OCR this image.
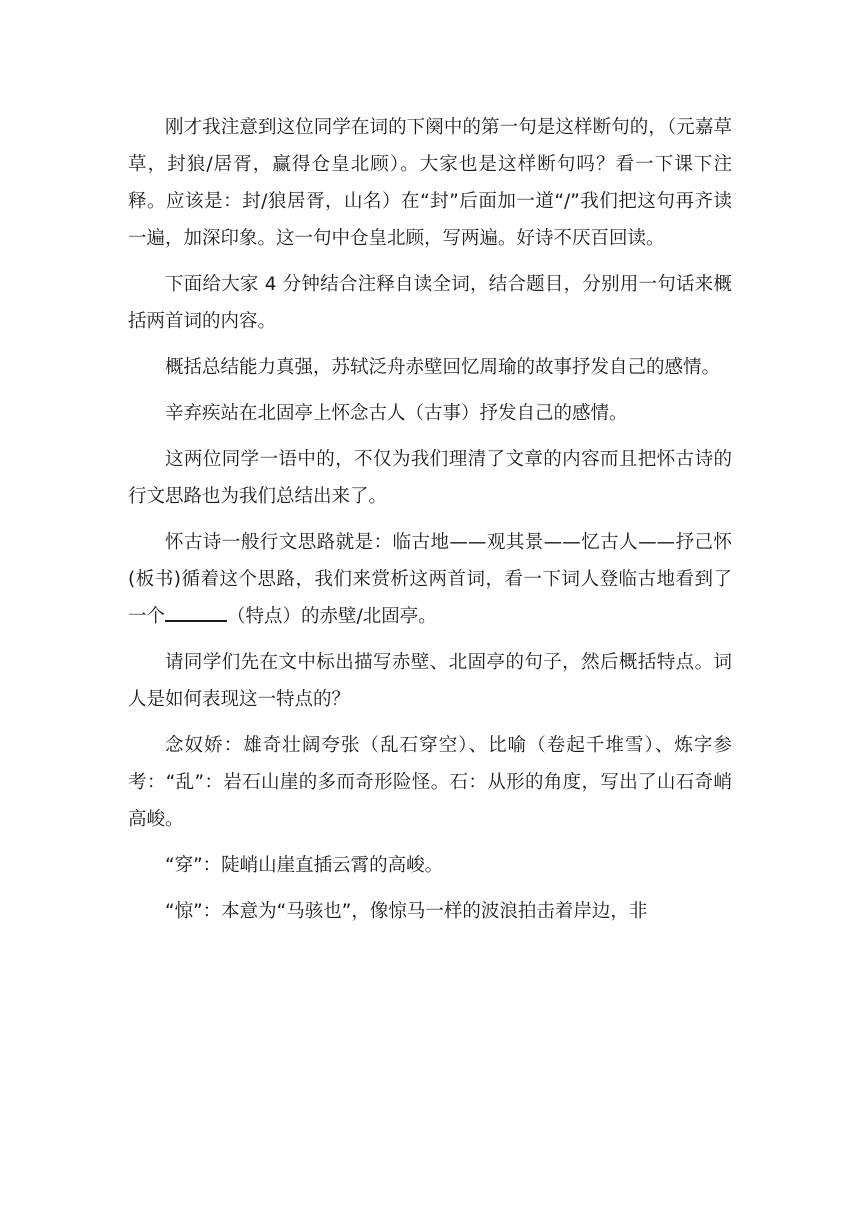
刚才我注意到这位同学在词的下阕中的第一句是这样断句的，（元嘉草草，封狼/居胥，赢得仓皇北顾）。大家也是这样断句吗？看一下课下注释。应该是：封/狼居胥，山名）在“封”后面加一道“/”我们把这句再齐读一遍，加深印象。这一句中仓皇北顾，写两遍。好诗不厌百回读。

下面给大家 4 分钟结合注释自读全词，结合题目，分别用一句话来概括两首词的内容。

概括总结能力真强，苏轼泛舟赤壁回忆周瑜的故事抒发自己的感情。

辛弃疾站在北固亭上怀念古人（古事）抒发自己的感情。

这两位同学一语中的，不仅为我们理清了文章的内容而且把怀古诗的行文思路也为我们总结出来了。

怀古诗一般行文思路就是：临古地——观其景——忆古人——抒己怀(板书)循着这个思路，我们来赏析这两首词，看一下词人登临古地看到了一个	（特点）的赤壁/北固亭。

请同学们先在文中标出描写赤壁、北固亭的句子，然后概括特点。词人是如何表现这一特点的？

念奴娇：雄奇壮阔夸张（乱石穿空）、比喻（卷起千堆雪）、炼字参考：“乱”：岩石山崖的多而奇形险怪。石：从形的角度，写出了山石奇峭高峻。

“穿”：陡峭山崖直插云霄的高峻。

“惊”：本意为“马骇也”，像惊马一样的波浪拍击着岸边，非
